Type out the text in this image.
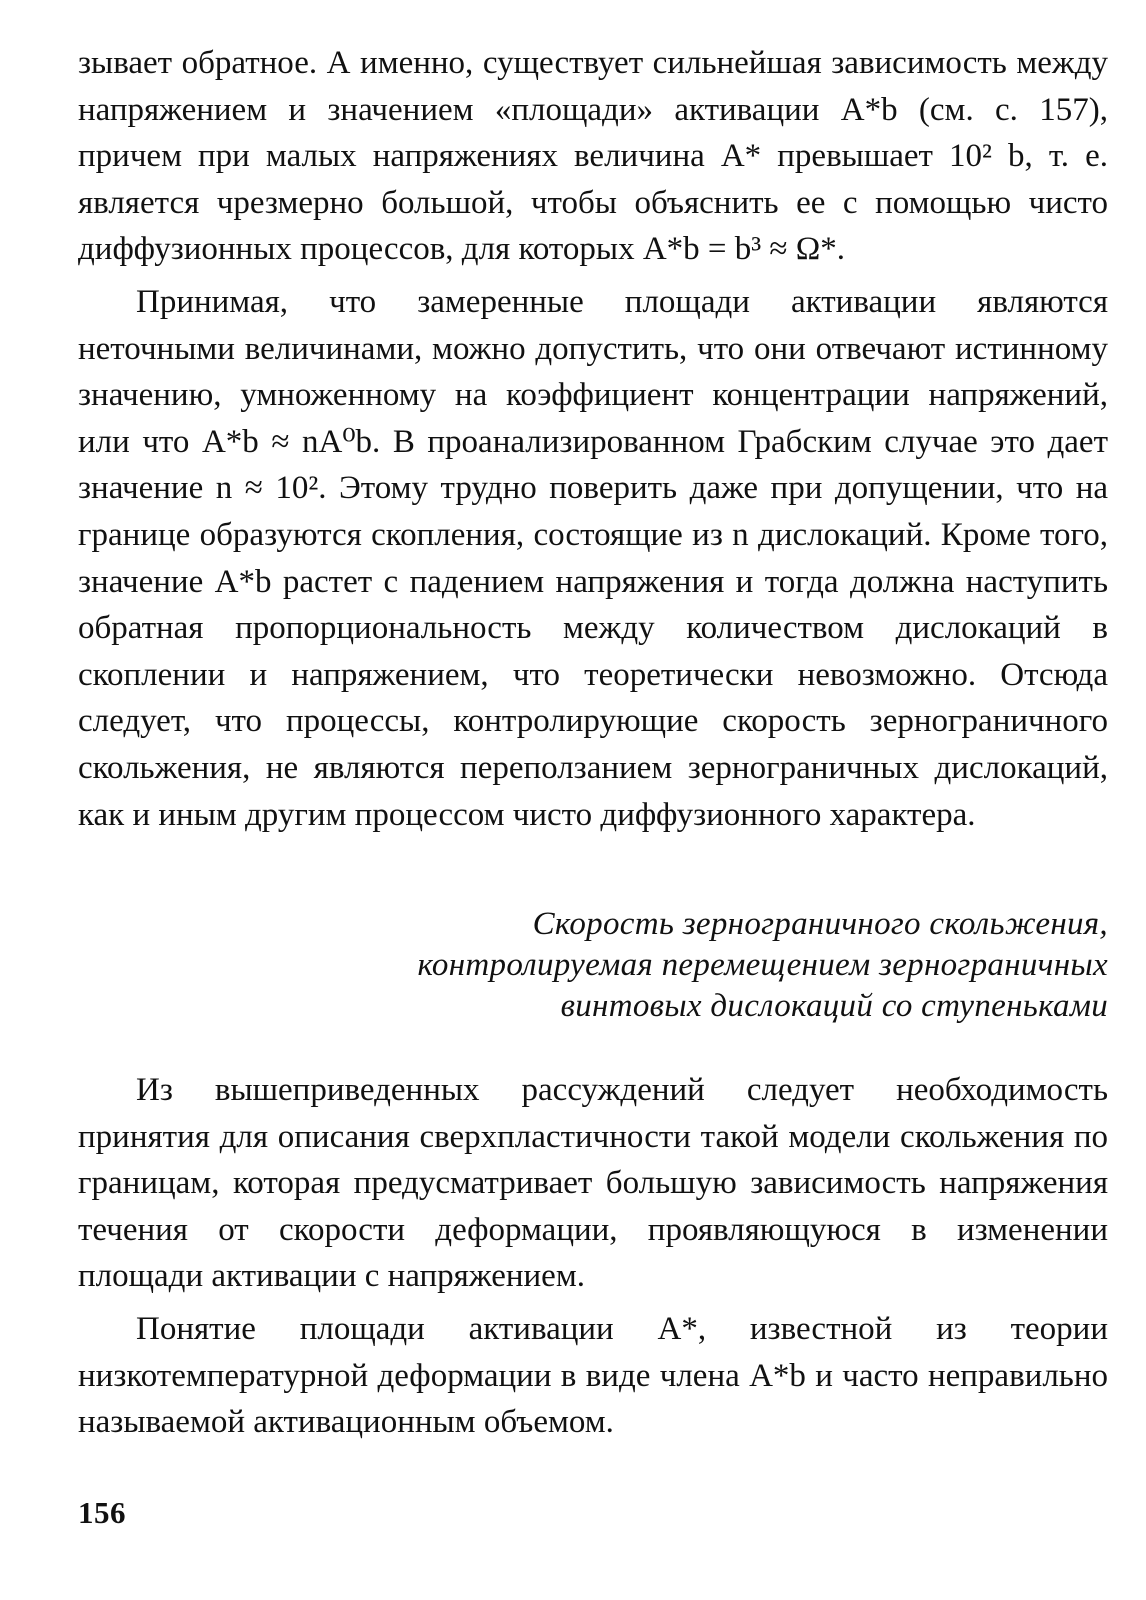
зывает обратное. А именно, существует сильнейшая зависимость между напряжением и значением «площади» активации A*b (см. с. 157), причем при малых напряжениях величина A* превышает 10² b, т. е. является чрезмерно большой, чтобы объяснить ее с помощью чисто диффузионных процессов, для которых A*b = b³ ≈ Ω*.

Принимая, что замеренные площади активации являются неточными величинами, можно допустить, что они отвечают истинному значению, умноженному на коэффициент концентрации напряжений, или что A*b ≈ nA⁰b. В проанализированном Грабским случае это дает значение n ≈ 10². Этому трудно поверить даже при допущении, что на границе образуются скопления, состоящие из n дислокаций. Кроме того, значение A*b растет с падением напряжения и тогда должна наступить обратная пропорциональность между количеством дислокаций в скоплении и напряжением, что теоретически невозможно. Отсюда следует, что процессы, контролирующие скорость зернограничного скольжения, не являются переползанием зернограничных дислокаций, как и иным другим процессом чисто диффузионного характера.

Скорость зернограничного скольжения,
контролируемая перемещением зернограничных
винтовых дислокаций со ступеньками

Из вышеприведенных рассуждений следует необходимость принятия для описания сверхпластичности такой модели скольжения по границам, которая предусматривает большую зависимость напряжения течения от скорости деформации, проявляющуюся в изменении площади активации с напряжением.

Понятие площади активации A*, известной из теории низкотемпературной деформации в виде члена A*b и часто неправильно называемой активационным объемом.

156
